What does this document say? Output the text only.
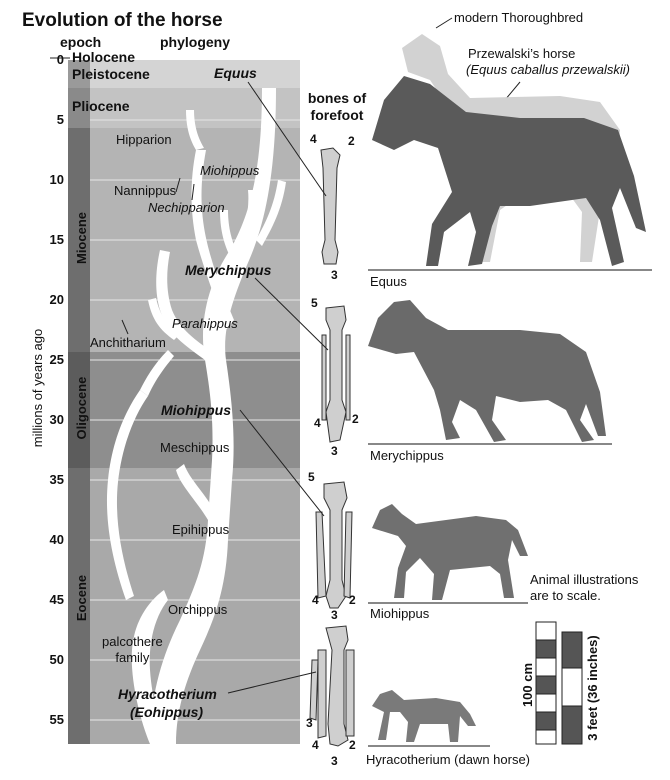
Evolution of the horse
epoch	phylogeny
bones of
forefoot
Holocene
Pleistocene
Pliocene
Miocene
Oligocene
Eocene
millions of years ago
0
5
10
15
20
25
30
35
40
45
50
55
Equus
Hipparion
Miohippus
Nannippus
Nechipparion
Merychippus
Parahippus
Anchitharium
Miohippus
Meschippus
Epihippus
Orchippus
palcothere
family
Hyracotherium
(Eohippus)
4	2
3
5
4	2
3
5
4	2
3
3
4	2
3
modern Thoroughbred
Przewalski’s horse
(Equus caballus przewalskii)
Equus
Merychippus
Miohippus
Hyracotherium (dawn horse)
Animal illustrations
are to scale.
100 cm	3 feet (36 inches)
